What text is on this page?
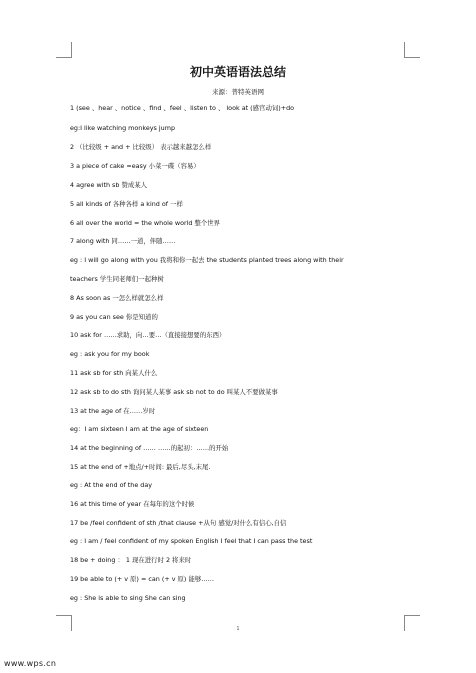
初中英语语法总结
来源：普特英语网
1 (see 、hear 、notice 、find 、feel 、listen to 、 look at (感官动词)+do
eg:I like watching monkeys jump
2 （比较级 + and + 比较级） 表示越来越怎么样
3 a piece of cake =easy 小菜一碟（容易）
4 agree with sb 赞成某人
5 all kinds of 各种各样 a kind of 一样
6 all over the world = the whole world 整个世界
7 along with 同……一道，伴随……
eg : I will go along with you 我将和你一起去 the students planted trees along with their
teachers 学生同老师们一起种树
8 As soon as 一怎么样就怎么样
9 as you can see 你是知道的
10 ask for ……求助，向…要…（直接接想要的东西）
eg : ask you for my book
11 ask sb for sth 向某人什么
12 ask sb to do sth 询问某人某事 ask sb not to do 叫某人不要做某事
13 at the age of 在……岁时
eg：I am sixteen I am at the age of sixteen
14 at the beginning of …… ……的起初：……的开始
15 at the end of +地点/+时间: 最后,尽头,末尾.
eg : At the end of the day
16 at this time of year 在每年的这个时候
17 be /feel confident of sth /that clause +从句 感觉/对什么有信心,自信
eg : I am / feel confident of my spoken English I feel that I can pass the test
18 be + doing ： 1 现在进行时 2 将来时
19 be able to (+ v 原) = can (+ v 原) 能够……
eg : She is able to sing She can sing
1
www.wps.cn
